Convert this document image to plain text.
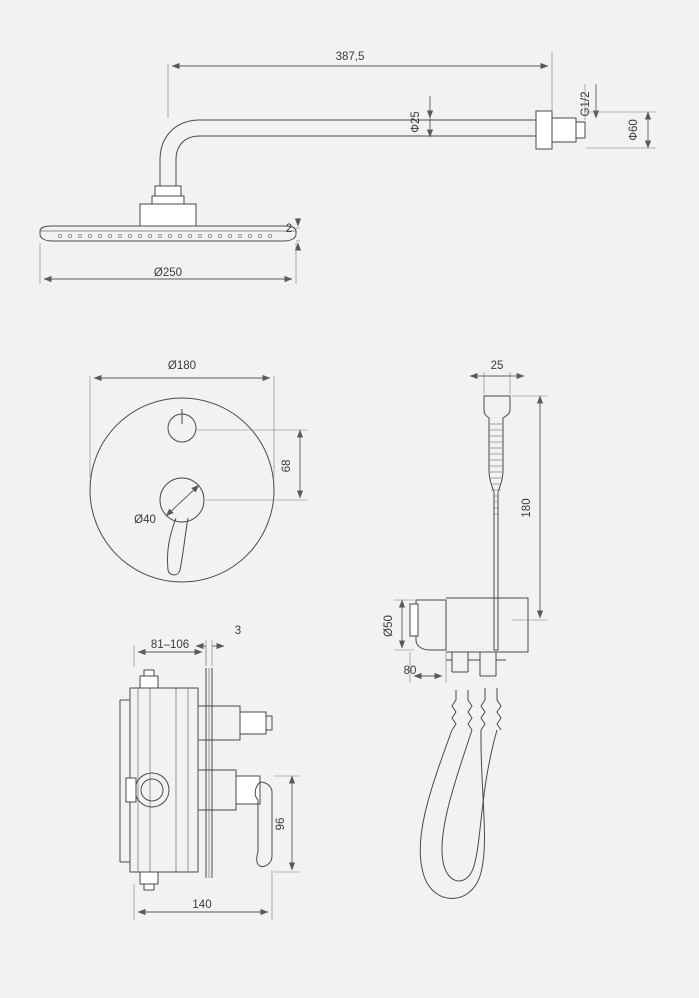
387,5
Ф25
G1/2
Ф60
2
Ø250
Ø180
68
Ø40
25
180
Ø50
80
81–106
3
96
140
